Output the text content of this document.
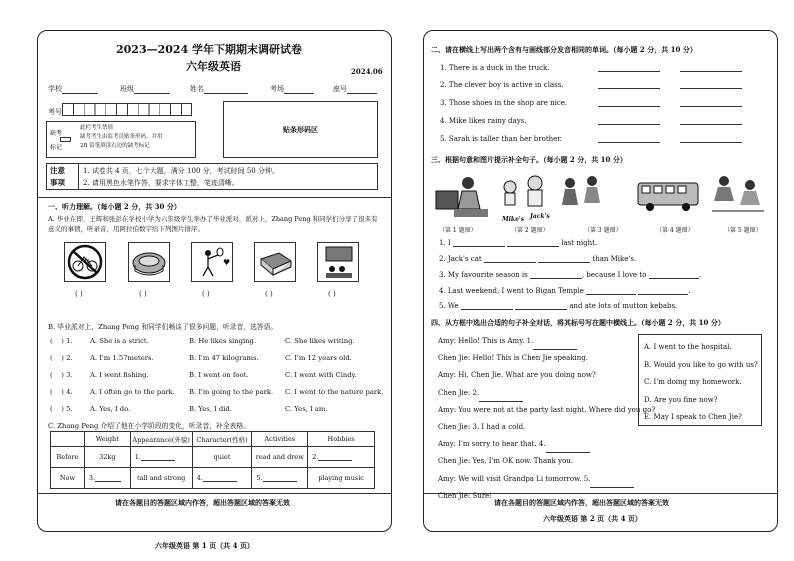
2023—2024 学年下期期末调研试卷
六年级英语	2024.06
学校	班级	姓名	考场	座号
考号
缺考
标记
此栏考生禁填
缺考考生由监考员贴条形码，并用
2B 铅笔填涂右边的缺考标记
贴条形码区
注意
事项
1. 试卷共 4 页，七个大题，满分 100 分，考试时间 50 分钟。
2. 请用黑色水笔作答，要求字体工整，笔迹清晰。
一、听力理解。（每小题 2 分，共 30 分）
A. 毕业在即，王辉和张彭在学校小学为六年级学生举办了毕业派对，派对上，Zhang Peng 和同学们分享了很多有意义的事情，听录音，用阿拉伯数字给下列图片排序。
♥
( )	( )	( )	( )	( )
B. 毕业派对上，Zhang Peng 和同学们畅谈了很多问题，听录音，选答语。
(    ) 1.	A. She is a strict.	B. He likes singing.	C. She likes writing.
(    ) 2.	A. I'm 1.57meters.	B. I'm 47 kilograms.	C. I'm 12 years old.
(    ) 3.	A. I went fishing.	B. I went on foot.	C. I went with Cindy.
(    ) 4.	A. I often go to the park. B. I'm going to the park. C. I went to the nature park.
(    ) 5.	A. Yes, I do.	B. Yes, I did.	C. Yes, I am.
C. Zhang Peng 介绍了他在小学阶段的变化，听录音，补全表格。
	Weight	Appearance(外貌)	Character(性格)	Activities	Hobbies
Before	32kg	1.	quiet	read and drew	2.
Now	3.	tall and strong	4.	5.	playing music
请在各题目的答题区域内作答，超出答题区域的答案无效
六年级英语 第 1 页（共 4 页）
二、请在横线上写出两个含有与画线部分发音相同的单词。（每小题 2 分，共 10 分）
1. There is a duck in the truck.
2. The clever boy is active in class.
3. Those shoes in the shop are nice.
4. Mike likes rainy days.
5. Sarah is taller than her brother.
三、根据句意和图片提示补全句子。（每小题 2 分，共 10 分）
Mike's Jack's
（第 1 题图）	（第 2 题图）	（第 3 题图）	（第 4 题图）	（第 5 题图）
1. I	last night.
2. Jack's cat	than Mike's.
3. My favourite season is	, because I love to	.
4. Last weekend, I went to Bigan Temple	.
5. We	and ate lots of mutton kebabs.
四、从方框中选出合适的句子补全对话，将其标号写在题中横线上。（每小题 2 分，共 10 分）
Amy: Hello! This is Amy. 1.
Chen Jie: Hello! This is Chen Jie speaking.
Amy: Hi, Chen Jie. What are you doing now?
Chen Jie: 2.
Amy: You were not at the party last night. Where did you go?
Chen Jie: 3. I had a cold.
Amy: I'm sorry to hear that. 4.
Chen Jie: Yes, I'm OK now. Thank you.
Amy: We will visit Grandpa Li tomorrow. 5.
Chen Jie: Sure!
A. I went to the hospital.
B. Would you like to go with us?
C. I'm doing my homework.
D. Are you fine now?
E. May I speak to Chen Jie?
请在各题目的答题区域内作答，超出答题区域的答案无效
六年级英语 第 2 页（共 4 页）
